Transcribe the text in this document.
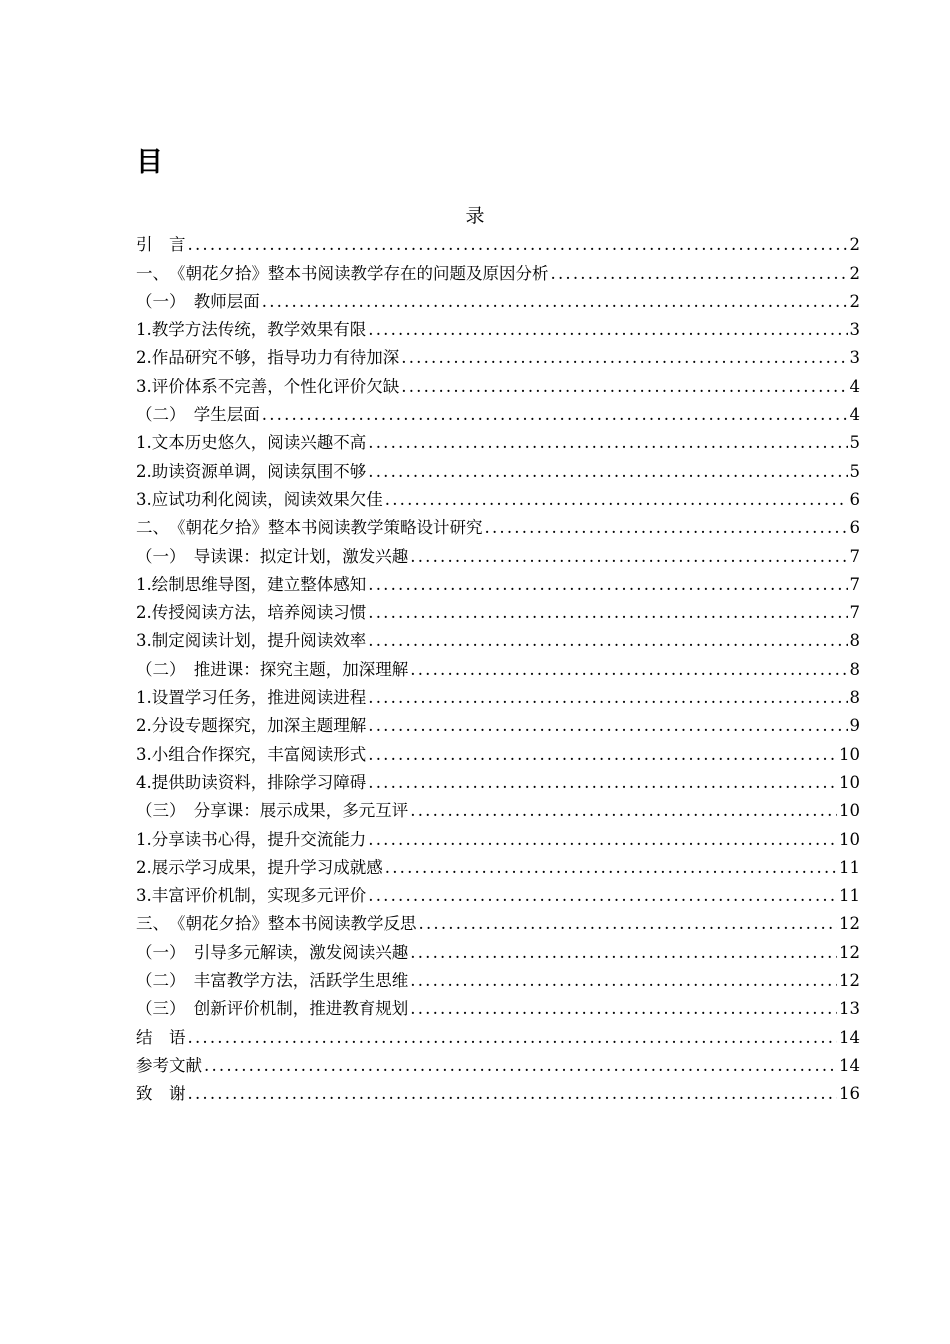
目
录
引　言 .....	2
一、　《朝花夕拾》整本书阅读教学存在的问题及原因分析 .....	2
（一）　教师层面 .....	2
1.教学方法传统，教学效果有限 .....	3
2.作品研究不够，指导功力有待加深 .....	3
3.评价体系不完善，个性化评价欠缺 .....	4
（二）　学生层面 .....	4
1.文本历史悠久，阅读兴趣不高 .....	5
2.助读资源单调，阅读氛围不够 .....	5
3.应试功利化阅读，阅读效果欠佳 .....	6
二、　《朝花夕拾》整本书阅读教学策略设计研究 .....	6
（一）　导读课：拟定计划，激发兴趣 .....	7
1.绘制思维导图，建立整体感知 .....	7
2.传授阅读方法，培养阅读习惯 .....	7
3.制定阅读计划，提升阅读效率 .....	8
（二）　推进课：探究主题，加深理解 .....	8
1.设置学习任务，推进阅读进程 .....	8
2.分设专题探究，加深主题理解 .....	9
3.小组合作探究，丰富阅读形式 .....	10
4.提供助读资料，排除学习障碍 .....	10
（三）　分享课：展示成果，多元互评 .....	10
1.分享读书心得，提升交流能力 .....	10
2.展示学习成果，提升学习成就感 .....	11
3.丰富评价机制，实现多元评价 .....	11
三、　《朝花夕拾》整本书阅读教学反思 .....	12
（一）　引导多元解读，激发阅读兴趣 .....	12
（二）　丰富教学方法，活跃学生思维 .....	12
（三）　创新评价机制，推进教育规划 .....	13
结　语 .....	14
参考文献 .....	14
致　谢 .....	16
